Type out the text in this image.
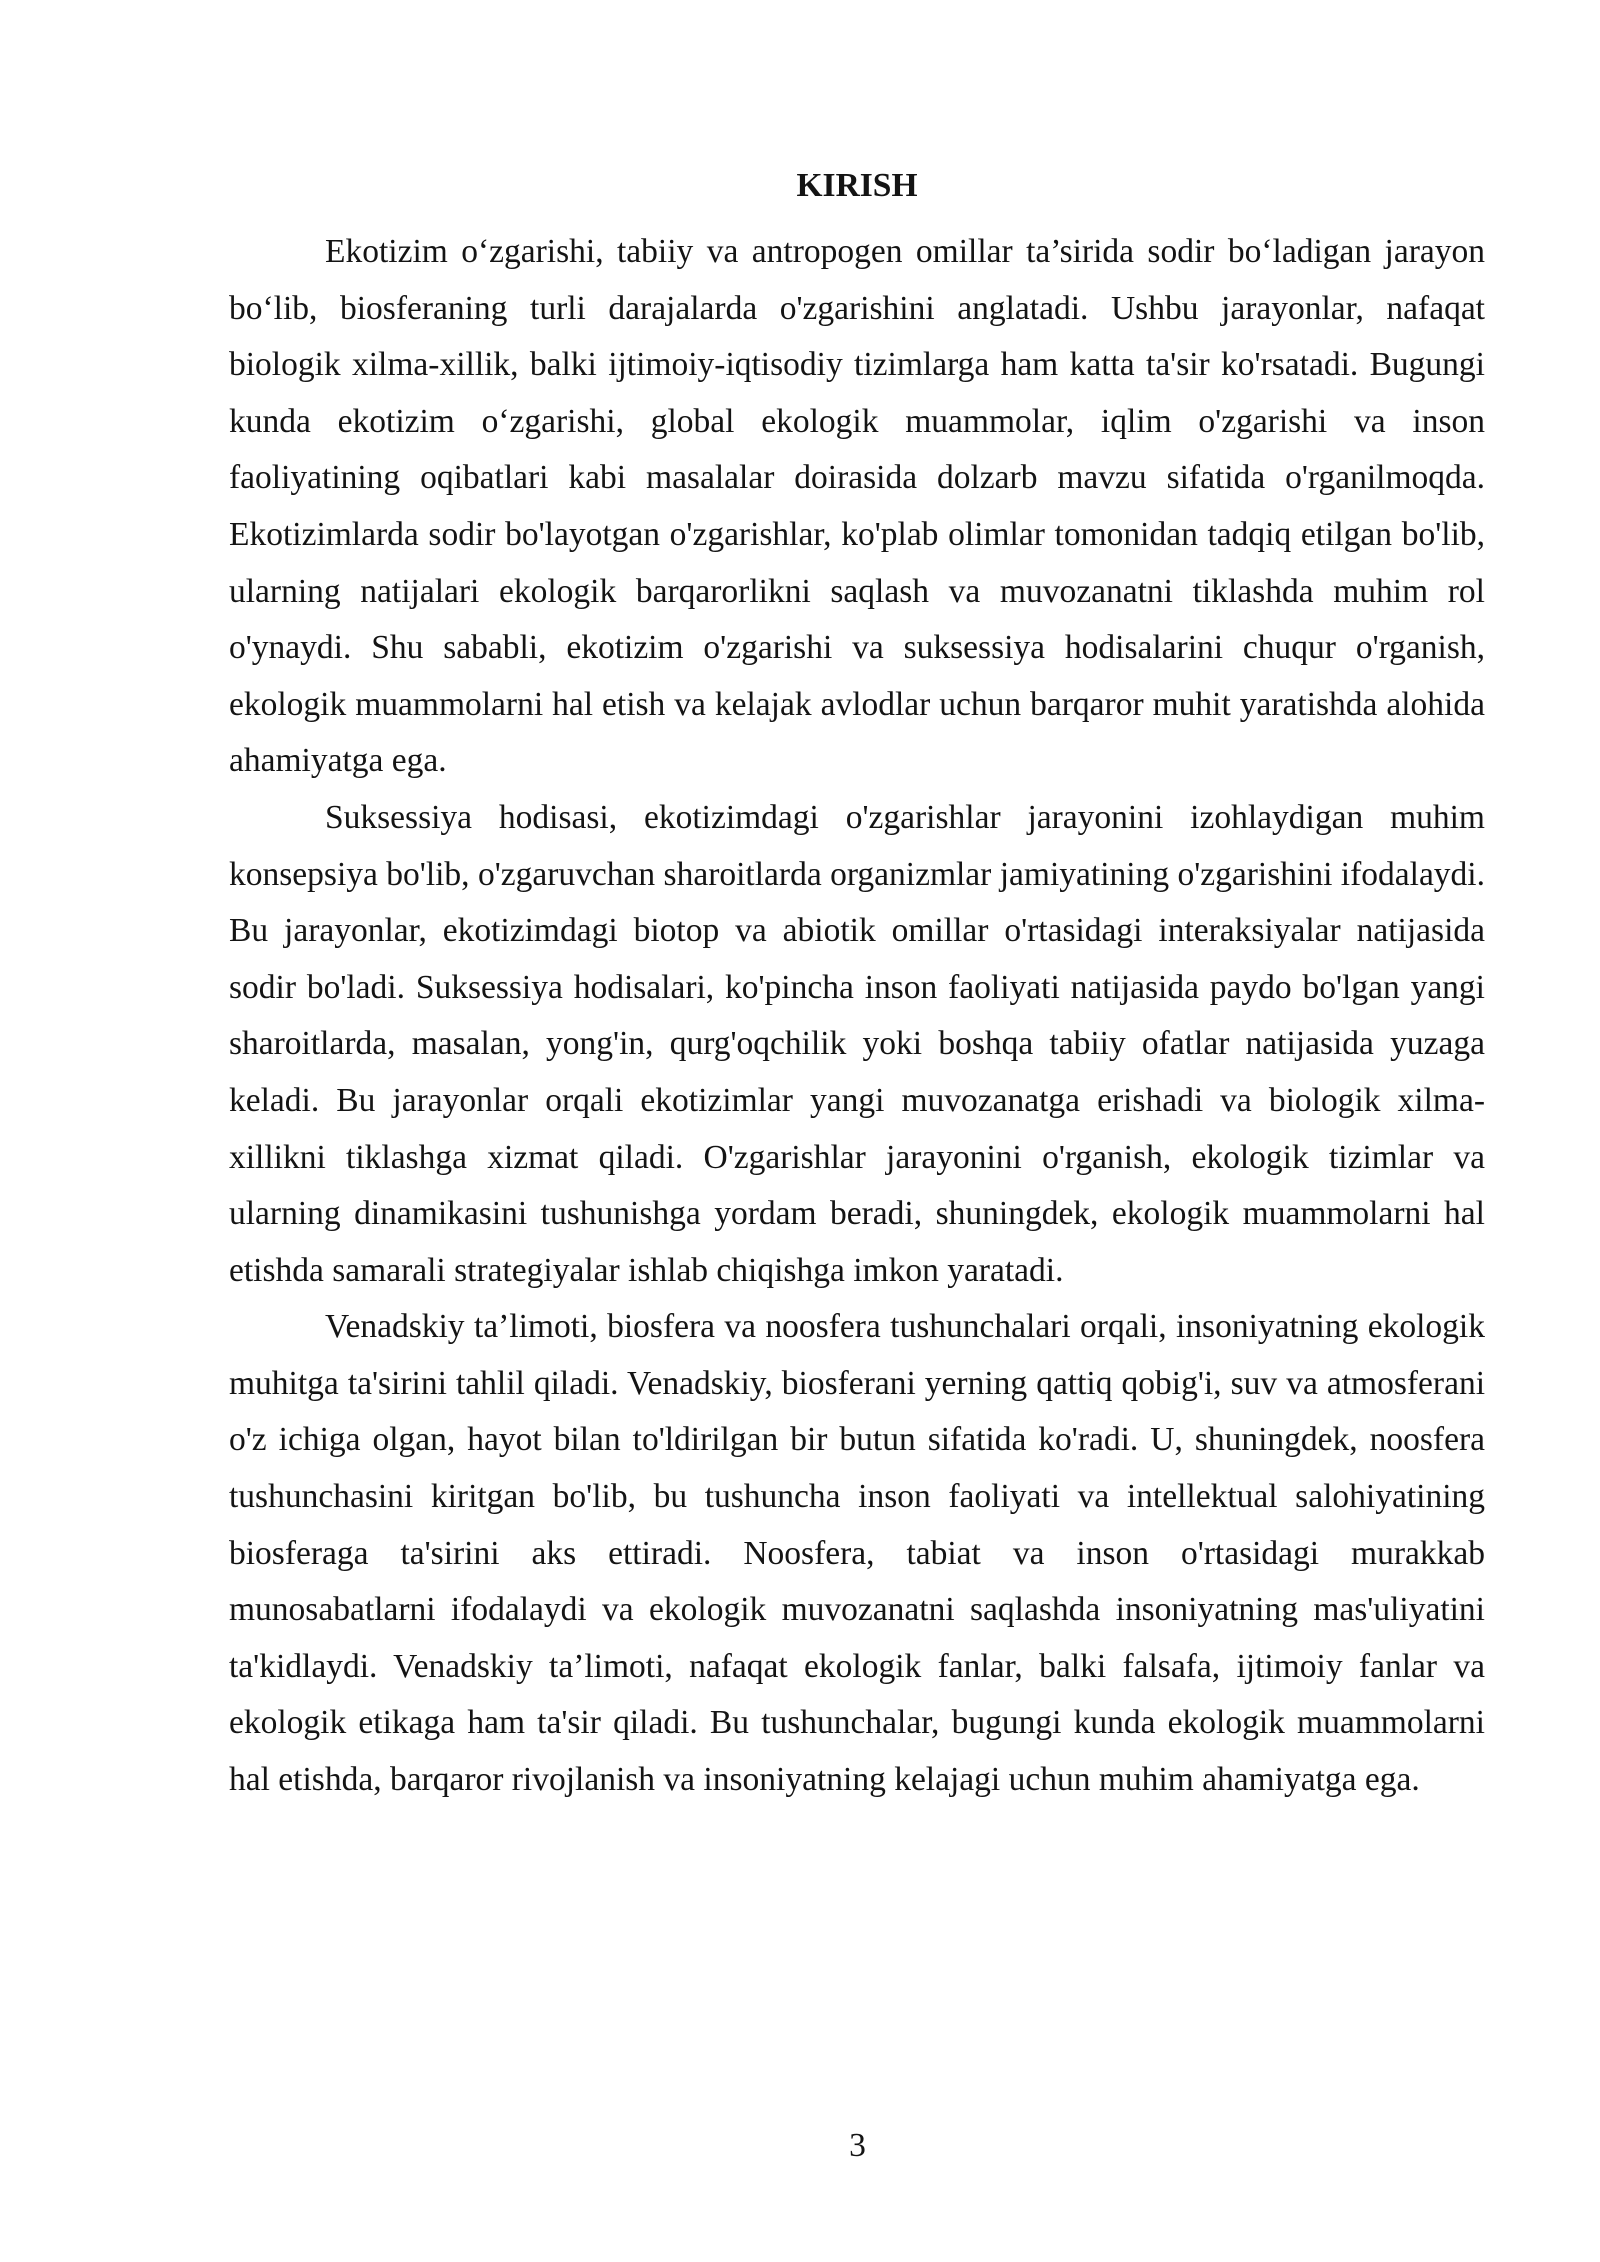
KIRISH

Ekotizim o‘zgarishi, tabiiy va antropogen omillar ta’sirida sodir bo‘ladigan jarayon bo‘lib, biosferaning turli darajalarda o'zgarishini anglatadi. Ushbu jarayonlar, nafaqat biologik xilma-xillik, balki ijtimoiy-iqtisodiy tizimlarga ham katta ta'sir ko'rsatadi. Bugungi kunda ekotizim o‘zgarishi, global ekologik muammolar, iqlim o'zgarishi va inson faoliyatining oqibatlari kabi masalalar doirasida dolzarb mavzu sifatida o'rganilmoqda. Ekotizimlarda sodir bo'layotgan o'zgarishlar, ko'plab olimlar tomonidan tadqiq etilgan bo'lib, ularning natijalari ekologik barqarorlikni saqlash va muvozanatni tiklashda muhim rol o'ynaydi. Shu sababli, ekotizim o'zgarishi va suksessiya hodisalarini chuqur o'rganish, ekologik muammolarni hal etish va kelajak avlodlar uchun barqaror muhit yaratishda alohida ahamiyatga ega.

Suksessiya hodisasi, ekotizimdagi o'zgarishlar jarayonini izohlaydigan muhim konsepsiya bo'lib, o'zgaruvchan sharoitlarda organizmlar jamiyatining o'zgarishini ifodalaydi. Bu jarayonlar, ekotizimdagi biotop va abiotik omillar o'rtasidagi interaksiyalar natijasida sodir bo'ladi. Suksessiya hodisalari, ko'pincha inson faoliyati natijasida paydo bo'lgan yangi sharoitlarda, masalan, yong'in, qurg'oqchilik yoki boshqa tabiiy ofatlar natijasida yuzaga keladi. Bu jarayonlar orqali ekotizimlar yangi muvozanatga erishadi va biologik xilma-xillikni tiklashga xizmat qiladi. O'zgarishlar jarayonini o'rganish, ekologik tizimlar va ularning dinamikasini tushunishga yordam beradi, shuningdek, ekologik muammolarni hal etishda samarali strategiyalar ishlab chiqishga imkon yaratadi.

Venadskiy ta’limoti, biosfera va noosfera tushunchalari orqali, insoniyatning ekologik muhitga ta'sirini tahlil qiladi. Venadskiy, biosferani yerning qattiq qobig'i, suv va atmosferani o'z ichiga olgan, hayot bilan to'ldirilgan bir butun sifatida ko'radi. U, shuningdek, noosfera tushunchasini kiritgan bo'lib, bu tushuncha inson faoliyati va intellektual salohiyatining biosferaga ta'sirini aks ettiradi. Noosfera, tabiat va inson o'rtasidagi murakkab munosabatlarni ifodalaydi va ekologik muvozanatni saqlashda insoniyatning mas'uliyatini ta'kidlaydi. Venadskiy ta’limoti, nafaqat ekologik fanlar, balki falsafa, ijtimoiy fanlar va ekologik etikaga ham ta'sir qiladi. Bu tushunchalar, bugungi kunda ekologik muammolarni hal etishda, barqaror rivojlanish va insoniyatning kelajagi uchun muhim ahamiyatga ega.

3
